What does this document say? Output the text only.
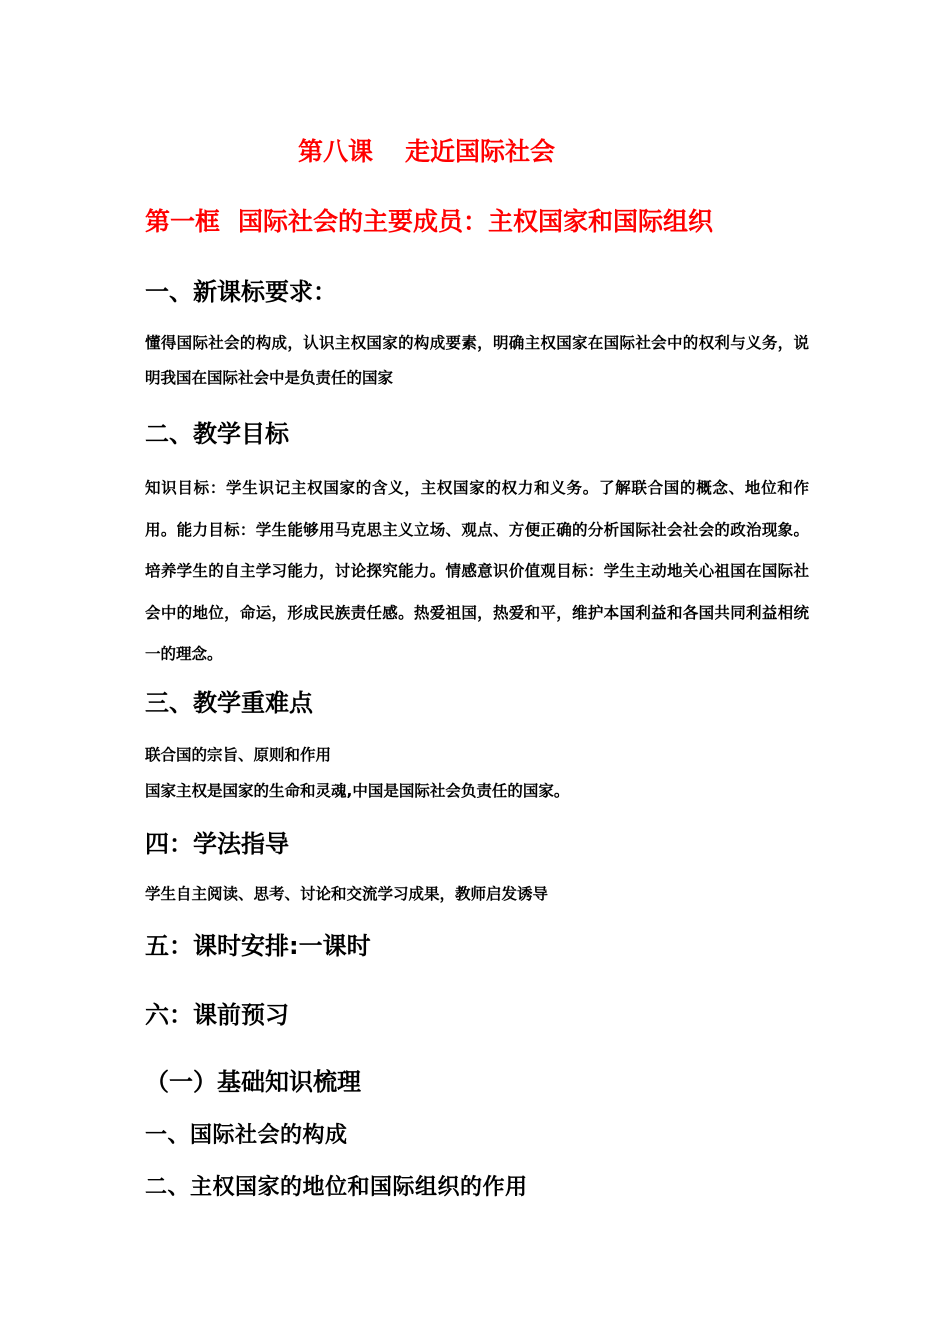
第八课 走近国际社会
第一框 国际社会的主要成员：主权国家和国际组织
一、新课标要求：
懂得国际社会的构成，认识主权国家的构成要素，明确主权国家在国际社会中的权利与义务，说明我国在国际社会中是负责任的国家
二、教学目标
知识目标：学生识记主权国家的含义，主权国家的权力和义务。了解联合国的概念、地位和作用。能力目标：学生能够用马克思主义立场、观点、方便正确的分析国际社会社会的政治现象。培养学生的自主学习能力，讨论探究能力。情感意识价值观目标：学生主动地关心祖国在国际社会中的地位，命运，形成民族责任感。热爱祖国，热爱和平，维护本国利益和各国共同利益相统一的理念。
三、教学重难点
联合国的宗旨、原则和作用
国家主权是国家的生命和灵魂,中国是国际社会负责任的国家。
四：学法指导
学生自主阅读、思考、讨论和交流学习成果，教师启发诱导
五：课时安排:一课时
六：课前预习
（一）基础知识梳理
一、国际社会的构成
二、主权国家的地位和国际组织的作用
